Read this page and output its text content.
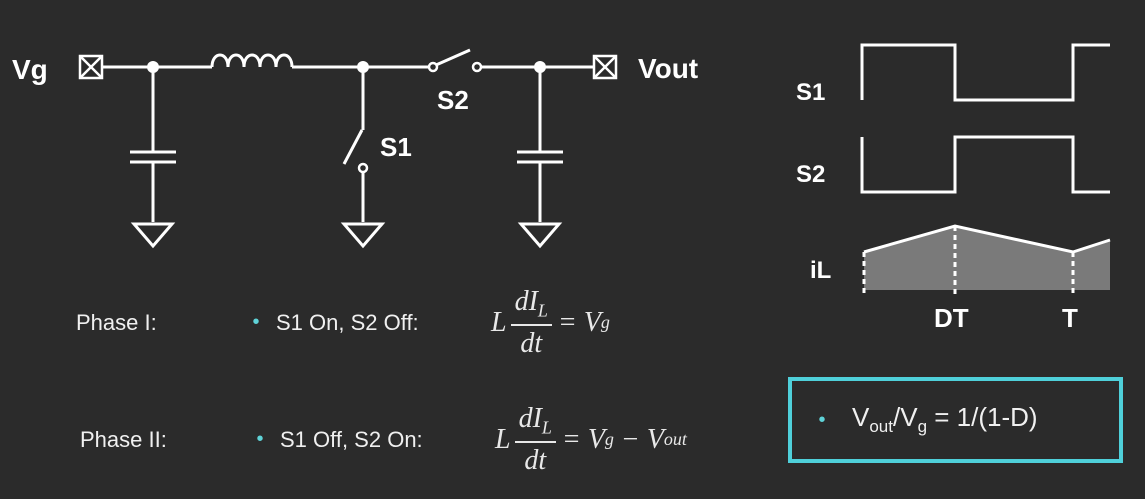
Vg
S1
S2
Vout
S1
S2
iL
DT	T
Phase I:	• S1 On, S2 Off:	L $\frac{dI_L}{dt} = V$ g
Phase II:	• S1 Off, S2 On:	L $\frac{dI_L}{dt} = V$ g − V out
•	$V_{out}/V_g = 1/(1-D)$
